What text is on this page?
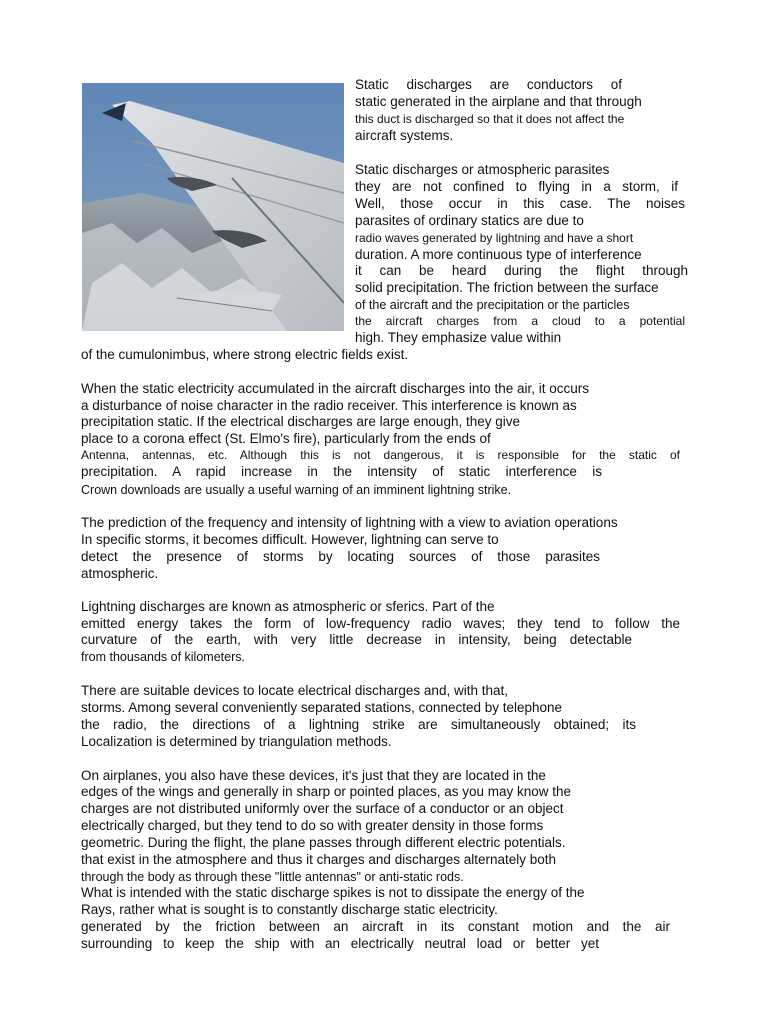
Static discharges are conductors of
static generated in the airplane and that through
this duct is discharged so that it does not affect the
aircraft systems.
Static discharges or atmospheric parasites
they are not confined to flying in a storm, if
Well, those occur in this case. The noises
parasites of ordinary statics are due to
radio waves generated by lightning and have a short
duration. A more continuous type of interference
it can be heard during the flight through
solid precipitation. The friction between the surface
of the aircraft and the precipitation or the particles
the aircraft charges from a cloud to a potential
high. They emphasize value within
of the cumulonimbus, where strong electric fields exist.
When the static electricity accumulated in the aircraft discharges into the air, it occurs
a disturbance of noise character in the radio receiver. This interference is known as
precipitation static. If the electrical discharges are large enough, they give
place to a corona effect (St. Elmo's fire), particularly from the ends of
Antenna, antennas, etc. Although this is not dangerous, it is responsible for the static of
precipitation. A rapid increase in the intensity of static interference is
Crown downloads are usually a useful warning of an imminent lightning strike.
The prediction of the frequency and intensity of lightning with a view to aviation operations
In specific storms, it becomes difficult. However, lightning can serve to
detect the presence of storms by locating sources of those parasites
atmospheric.
Lightning discharges are known as atmospheric or sferics. Part of the
emitted energy takes the form of low-frequency radio waves; they tend to follow the
curvature of the earth, with very little decrease in intensity, being detectable
from thousands of kilometers.
There are suitable devices to locate electrical discharges and, with that,
storms. Among several conveniently separated stations, connected by telephone
the radio, the directions of a lightning strike are simultaneously obtained; its
Localization is determined by triangulation methods.
On airplanes, you also have these devices, it's just that they are located in the
edges of the wings and generally in sharp or pointed places, as you may know the
charges are not distributed uniformly over the surface of a conductor or an object
electrically charged, but they tend to do so with greater density in those forms
geometric. During the flight, the plane passes through different electric potentials.
that exist in the atmosphere and thus it charges and discharges alternately both
through the body as through these "little antennas" or anti-static rods.
What is intended with the static discharge spikes is not to dissipate the energy of the
Rays, rather what is sought is to constantly discharge static electricity.
generated by the friction between an aircraft in its constant motion and the air
surrounding to keep the ship with an electrically neutral load or better yet
